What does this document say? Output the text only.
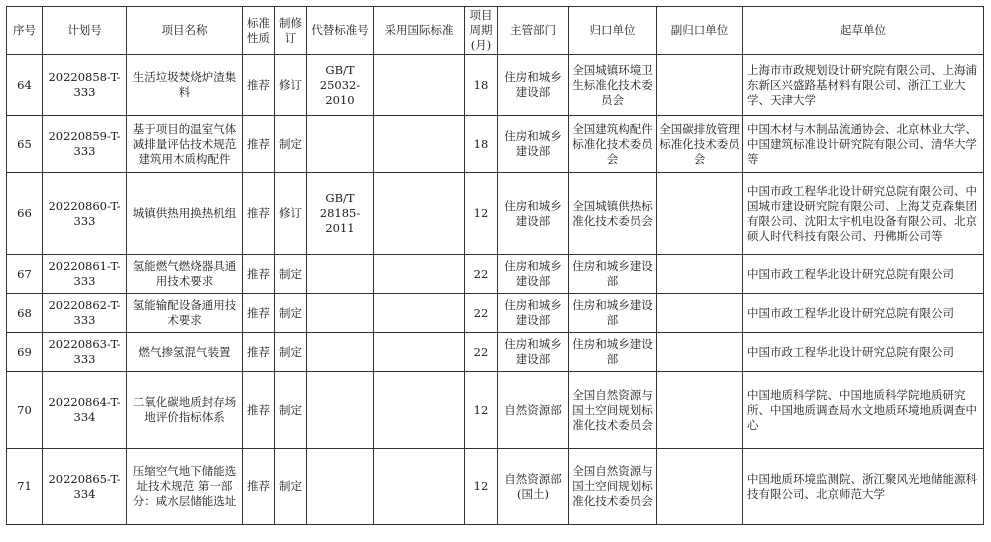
序号	计划号	项目名称	标准性质	制修订	代替标准号	采用国际标准	项目周期(月)	主管部门	归口单位	副归口单位	起草单位
64	20220858-T-333	生活垃圾焚烧炉渣集料	推荐	修订	GB/T 25032-2010		18	住房和城乡建设部	全国城镇环境卫生标准化技术委员会		上海市市政规划设计研究院有限公司、上海浦东新区兴盛路基材料有限公司、浙江工业大学、天津大学
65	20220859-T-333	基于项目的温室气体减排量评估技术规范 建筑用木质构配件	推荐	制定			18	住房和城乡建设部	全国建筑构配件标准化技术委员会	全国碳排放管理标准化技术委员会	中国木材与木制品流通协会、北京林业大学、中国建筑标准设计研究院有限公司、清华大学等
66	20220860-T-333	城镇供热用换热机组	推荐	修订	GB/T 28185-2011		12	住房和城乡建设部	全国城镇供热标准化技术委员会		中国市政工程华北设计研究总院有限公司、中国城市建设研究院有限公司、上海艾克森集团有限公司、沈阳太宇机电设备有限公司、北京硕人时代科技有限公司、丹佛斯公司等
67	20220861-T-333	氢能燃气燃烧器具通用技术要求	推荐	制定			22	住房和城乡建设部	住房和城乡建设部		中国市政工程华北设计研究总院有限公司
68	20220862-T-333	氢能输配设备通用技术要求	推荐	制定			22	住房和城乡建设部	住房和城乡建设部		中国市政工程华北设计研究总院有限公司
69	20220863-T-333	燃气掺氢混气装置	推荐	制定			22	住房和城乡建设部	住房和城乡建设部		中国市政工程华北设计研究总院有限公司
70	20220864-T-334	二氧化碳地质封存场地评价指标体系	推荐	制定			12	自然资源部	全国自然资源与国土空间规划标准化技术委员会		中国地质科学院、中国地质科学院地质研究所、中国地质调查局水文地质环境地质调查中心
71	20220865-T-334	压缩空气地下储能选址技术规范 第一部分：咸水层储能选址	推荐	制定			12	自然资源部(国土)	全国自然资源与国土空间规划标准化技术委员会		中国地质环境监测院、浙江聚风光地储能源科技有限公司、北京师范大学
